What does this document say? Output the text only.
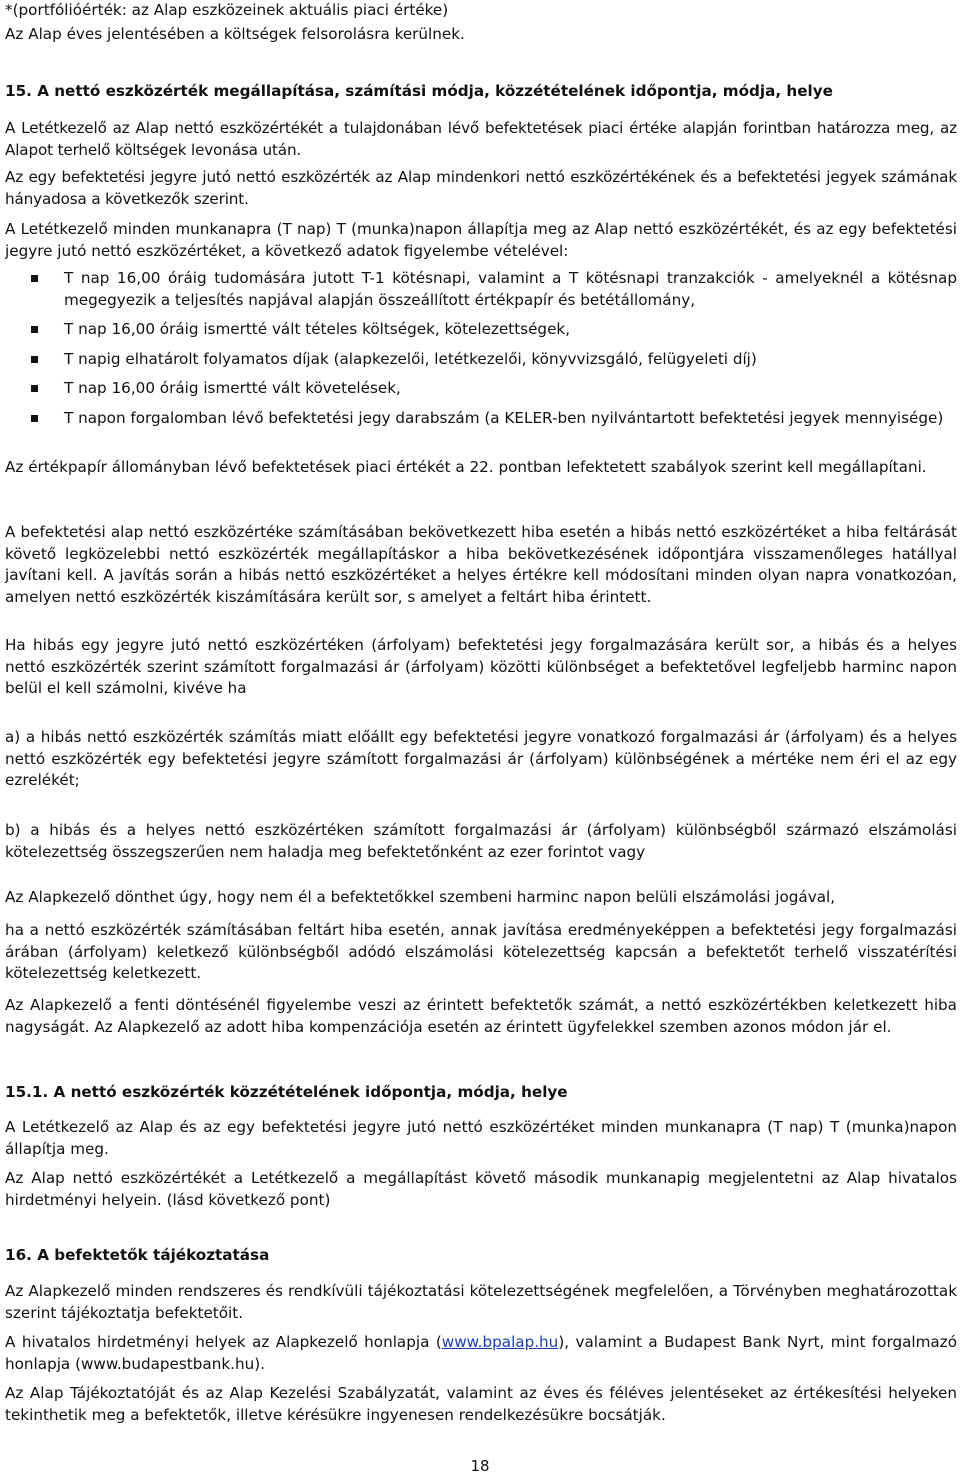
*(portfólióérték: az Alap eszközeinek aktuális piaci értéke)

Az Alap éves jelentésében a költségek felsorolásra kerülnek.

15. A nettó eszközérték megállapítása, számítási módja, közzétételének időpontja, módja, helye

A Letétkezelő az Alap nettó eszközértékét a tulajdonában lévő befektetések piaci értéke alapján forintban határozza meg, az Alapot terhelő költségek levonása után.

Az egy befektetési jegyre jutó nettó eszközérték az Alap mindenkori nettó eszközértékének és a befektetési jegyek számának hányadosa a következők szerint.

A Letétkezelő minden munkanapra (T nap) T (munka)napon állapítja meg az Alap nettó eszközértékét, és az egy befektetési jegyre jutó nettó eszközértéket, a következő adatok figyelembe vételével:

T nap 16,00 óráig tudomására jutott T-1 kötésnapi, valamint a T kötésnapi tranzakciók - amelyeknél a kötésnap megegyezik a teljesítés napjával alapján összeállított értékpapír és betétállomány,
T nap 16,00 óráig ismertté vált tételes költségek, kötelezettségek,
T napig elhatárolt folyamatos díjak (alapkezelői, letétkezelői, könyvvizsgáló, felügyeleti díj)
T nap 16,00 óráig ismertté vált követelések,
T napon forgalomban lévő befektetési jegy darabszám (a KELER-ben nyilvántartott befektetési jegyek mennyisége)

Az értékpapír állományban lévő befektetések piaci értékét a 22. pontban lefektetett szabályok szerint kell megállapítani.

A befektetési alap nettó eszközértéke számításában bekövetkezett hiba esetén a hibás nettó eszközértéket a hiba feltárását követő legközelebbi nettó eszközérték megállapításkor a hiba bekövetkezésének időpontjára visszamenőleges hatállyal javítani kell. A javítás során a hibás nettó eszközértéket a helyes értékre kell módosítani minden olyan napra vonatkozóan, amelyen nettó eszközérték kiszámítására került sor, s amelyet a feltárt hiba érintett.

Ha hibás egy jegyre jutó nettó eszközértéken (árfolyam) befektetési jegy forgalmazására került sor, a hibás és a helyes nettó eszközérték szerint számított forgalmazási ár (árfolyam) közötti különbséget a befektetővel legfeljebb harminc napon belül el kell számolni, kivéve ha

a) a hibás nettó eszközérték számítás miatt előállt egy befektetési jegyre vonatkozó forgalmazási ár (árfolyam) és a helyes nettó eszközérték egy befektetési jegyre számított forgalmazási ár (árfolyam) különbségének a mértéke nem éri el az egy ezrelékét;

b) a hibás és a helyes nettó eszközértéken számított forgalmazási ár (árfolyam) különbségből származó elszámolási kötelezettség összegszerűen nem haladja meg befektetőnként az ezer forintot vagy

Az Alapkezelő dönthet úgy, hogy nem él a befektetőkkel szembeni harminc napon belüli elszámolási jogával,

ha a nettó eszközérték számításában feltárt hiba esetén, annak javítása eredményeképpen a befektetési jegy forgalmazási árában (árfolyam) keletkező különbségből adódó elszámolási kötelezettség kapcsán a befektetőt terhelő visszatérítési kötelezettség keletkezett.

Az Alapkezelő a fenti döntésénél figyelembe veszi az érintett befektetők számát, a nettó eszközértékben keletkezett hiba nagyságát. Az Alapkezelő az adott hiba kompenzációja esetén az érintett ügyfelekkel szemben azonos módon jár el.

15.1. A nettó eszközérték közzétételének időpontja, módja, helye

A Letétkezelő az Alap és az egy befektetési jegyre jutó nettó eszközértéket minden munkanapra (T nap) T (munka)napon állapítja meg.

Az Alap nettó eszközértékét a Letétkezelő a megállapítást követő második munkanapig megjelentetni az Alap hivatalos hirdetményi helyein. (lásd következő pont)

16. A befektetők tájékoztatása

Az Alapkezelő minden rendszeres és rendkívüli tájékoztatási kötelezettségének megfelelően, a Törvényben meghatározottak szerint tájékoztatja befektetőit.

A hivatalos hirdetményi helyek az Alapkezelő honlapja (www.bpalap.hu), valamint a Budapest Bank Nyrt, mint forgalmazó honlapja (www.budapestbank.hu).

Az Alap Tájékoztatóját és az Alap Kezelési Szabályzatát, valamint az éves és féléves jelentéseket az értékesítési helyeken tekinthetik meg a befektetők, illetve kérésükre ingyenesen rendelkezésükre bocsátják.

18
